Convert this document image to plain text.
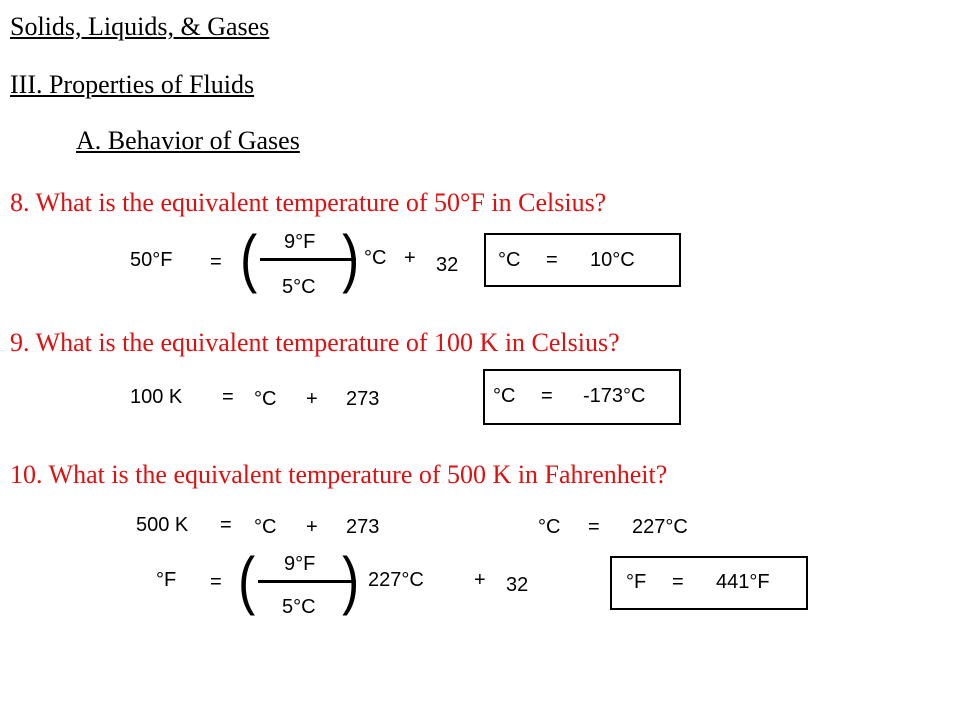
Solids, Liquids, & Gases
III. Properties of Fluids
A. Behavior of Gases
8. What is the equivalent temperature of 50°F in Celsius?
50°F = ( 9°F
5°C ) °C + 32 °C = 10°C
9. What is the equivalent temperature of 100 K in Celsius?
100 K = °C + 273	°C = -173°C
10. What is the equivalent temperature of 500 K in Fahrenheit?
500 K = °C + 273	°C = 227°C
°F = ( 9°F
5°C ) 227°C	+ 32	°F = 441°F
